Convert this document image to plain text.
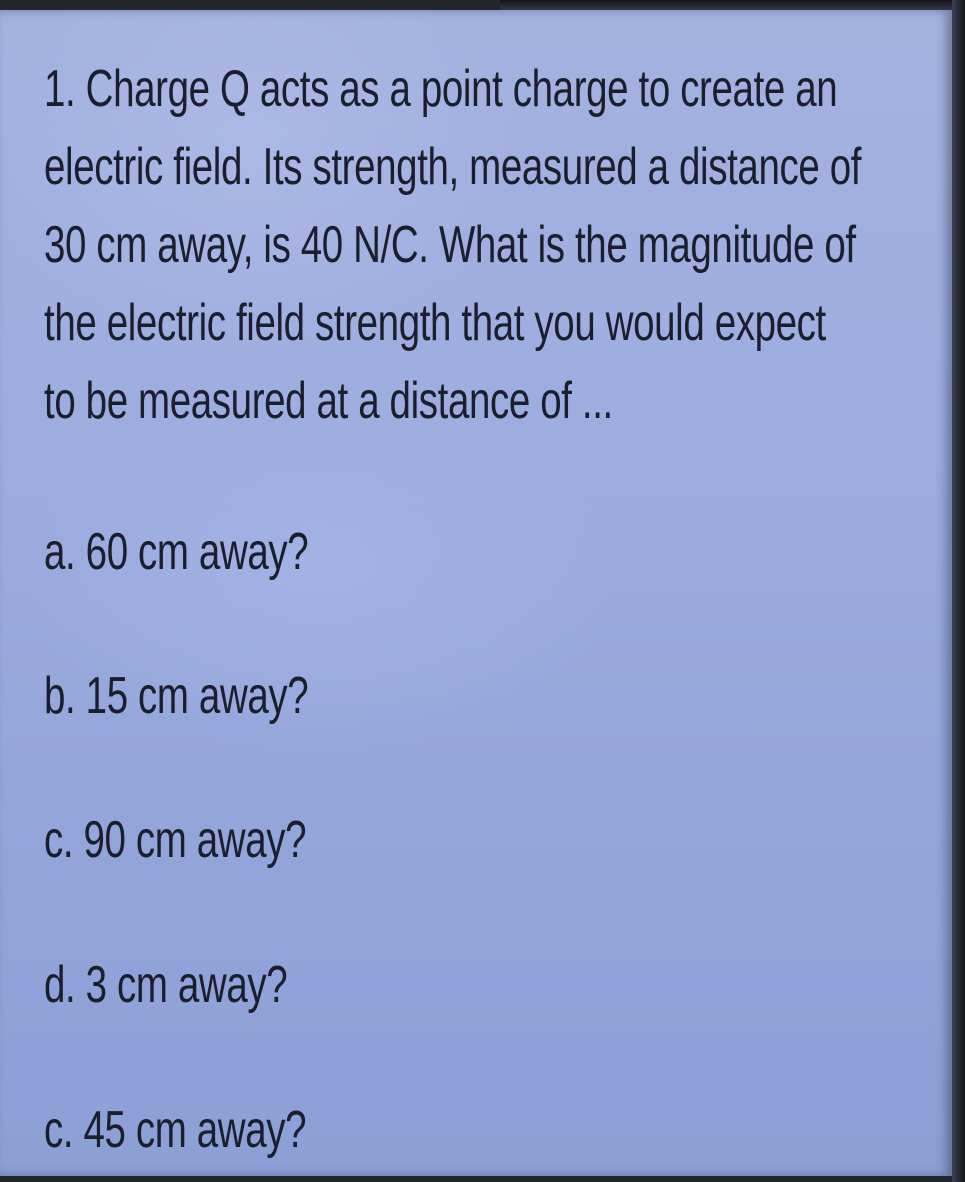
1. Charge Q acts as a point charge to create an
electric field. Its strength, measured a distance of
30 cm away, is 40 N/C. What is the magnitude of
the electric field strength that you would expect
to be measured at a distance of ...
a. 60 cm away?
b. 15 cm away?
c. 90 cm away?
d. 3 cm away?
c. 45 cm away?
